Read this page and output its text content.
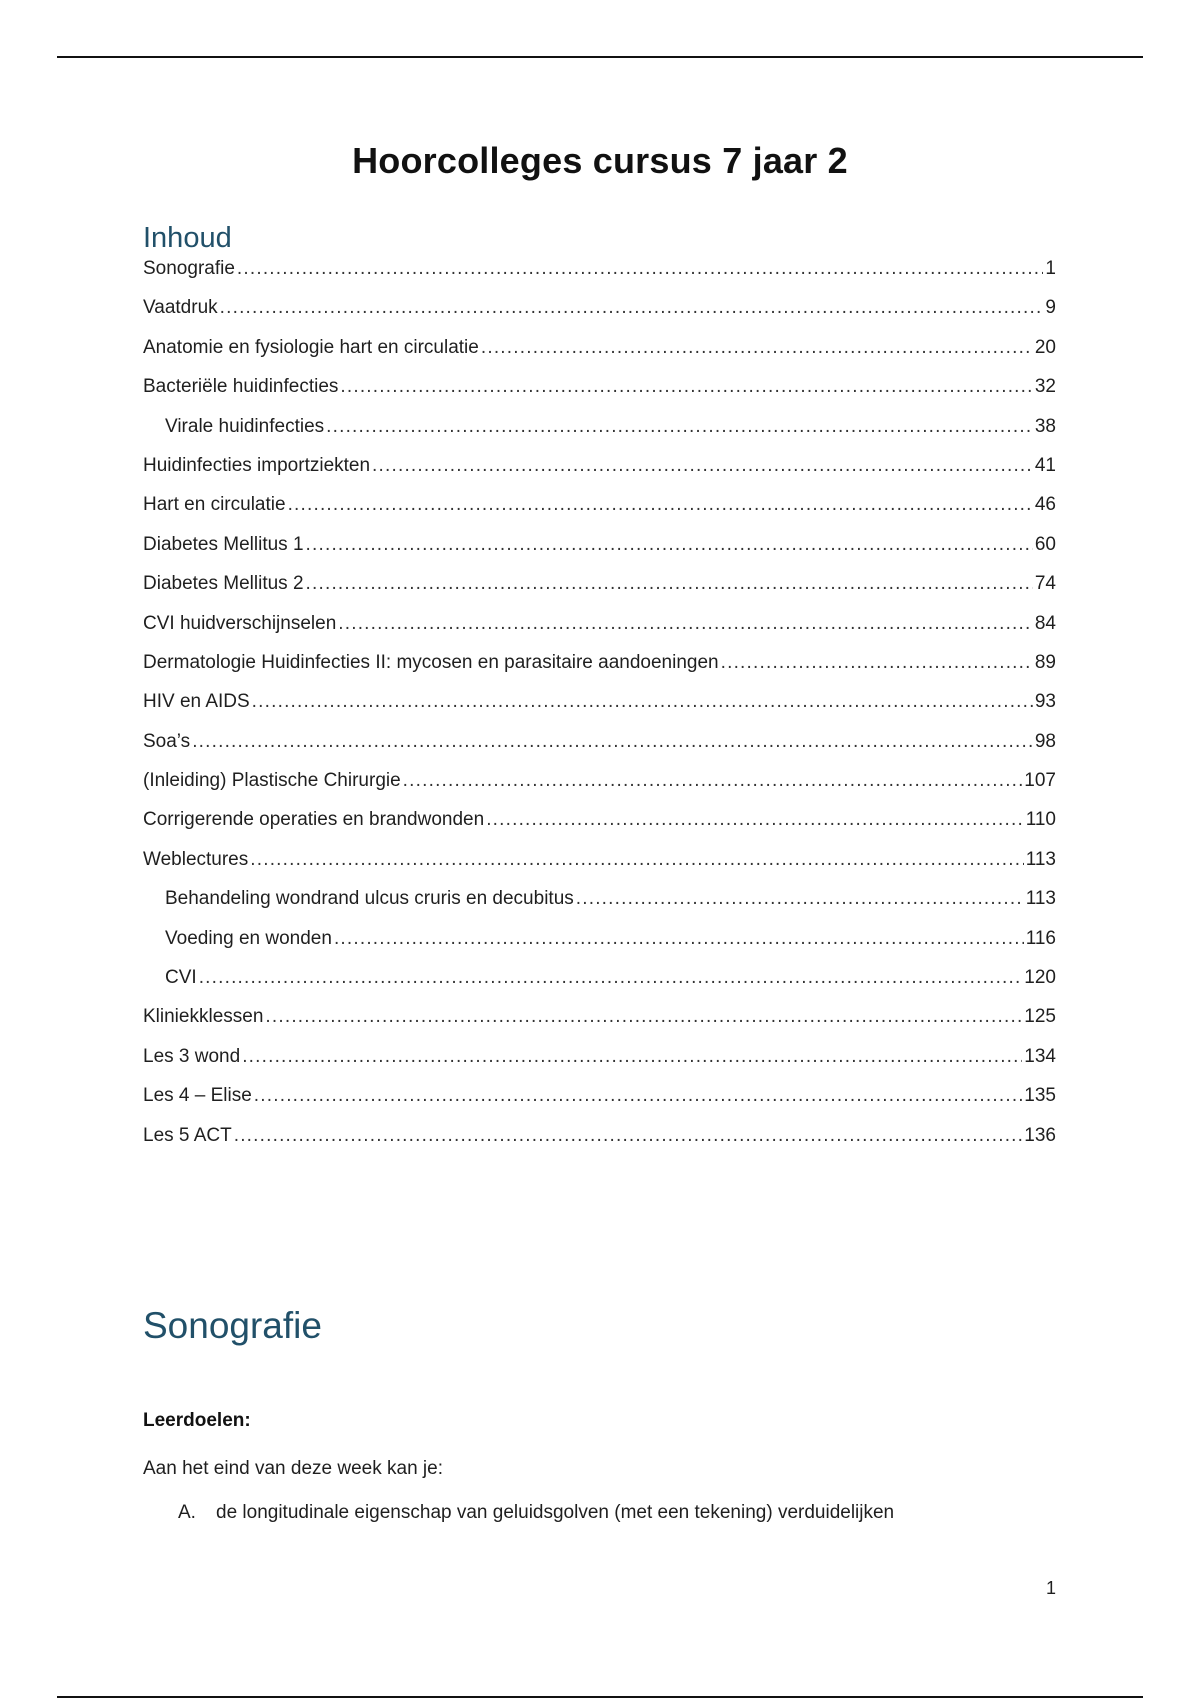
Hoorcolleges cursus 7 jaar 2
Inhoud
Sonografie .....	1
Vaatdruk .....	9
Anatomie en fysiologie hart en circulatie .....	20
Bacteriële huidinfecties .....	32
Virale huidinfecties .....	38
Huidinfecties importziekten .....	41
Hart en circulatie .....	46
Diabetes Mellitus 1 .....	60
Diabetes Mellitus 2 .....	74
CVI huidverschijnselen .....	84
Dermatologie Huidinfecties II: mycosen en parasitaire aandoeningen .....	89
HIV en AIDS .....	93
Soa’s .....	98
(Inleiding) Plastische Chirurgie .....	107
Corrigerende operaties en brandwonden .....	110
Weblectures .....	113
Behandeling wondrand ulcus cruris en decubitus .....	113
Voeding en wonden .....	116
CVI .....	120
Kliniekklessen .....	125
Les 3 wond .....	134
Les 4 – Elise .....	135
Les 5 ACT .....	136
Sonografie
Leerdoelen:
Aan het eind van deze week kan je:
A.	de longitudinale eigenschap van geluidsgolven (met een tekening) verduidelijken
1
